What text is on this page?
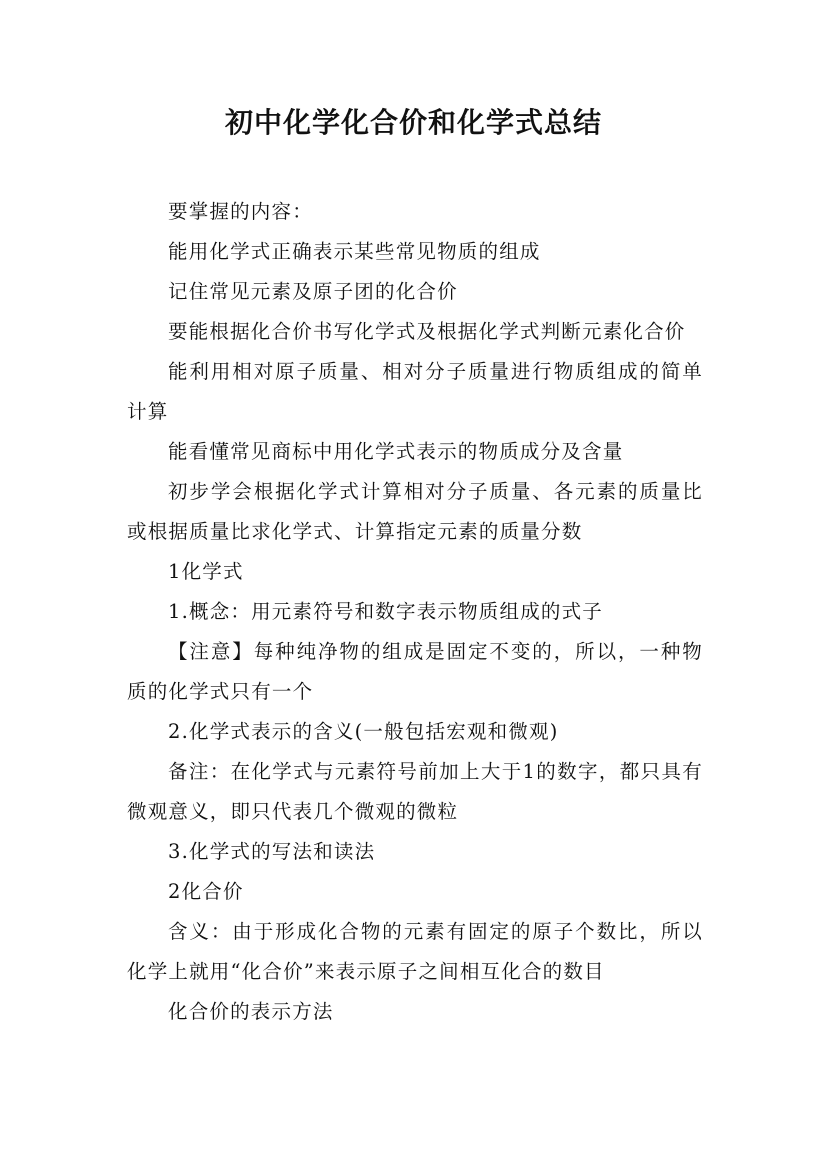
初中化学化合价和化学式总结

要掌握的内容：

能用化学式正确表示某些常见物质的组成

记住常见元素及原子团的化合价

要能根据化合价书写化学式及根据化学式判断元素化合价

能利用相对原子质量、相对分子质量进行物质组成的简单计算

能看懂常见商标中用化学式表示的物质成分及含量

初步学会根据化学式计算相对分子质量、各元素的质量比或根据质量比求化学式、计算指定元素的质量分数

1化学式

1.概念：用元素符号和数字表示物质组成的式子

【注意】每种纯净物的组成是固定不变的，所以，一种物质的化学式只有一个

2.化学式表示的含义(一般包括宏观和微观)

备注：在化学式与元素符号前加上大于1的数字，都只具有微观意义，即只代表几个微观的微粒

3.化学式的写法和读法

2化合价

含义：由于形成化合物的元素有固定的原子个数比，所以化学上就用“化合价”来表示原子之间相互化合的数目

化合价的表示方法
